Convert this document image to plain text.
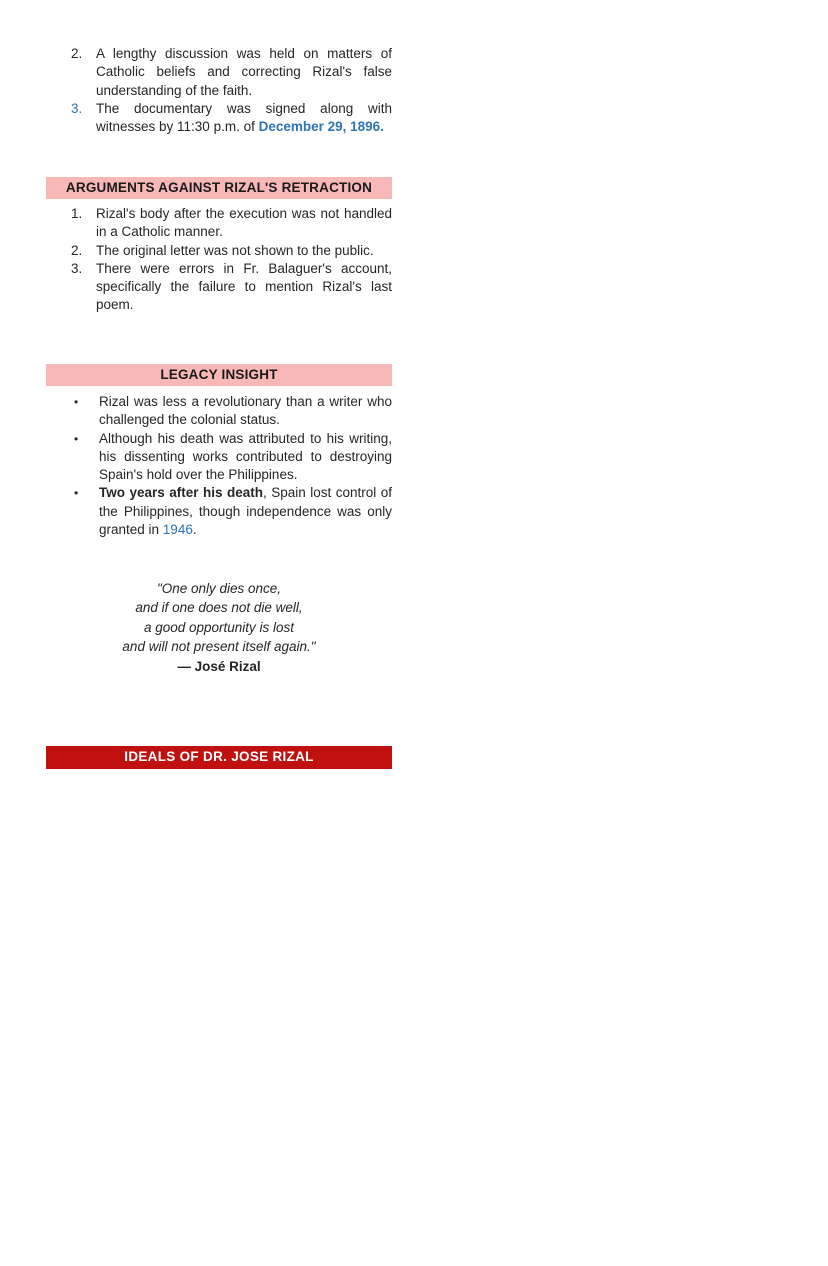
2.	A lengthy discussion was held on matters of Catholic beliefs and correcting Rizal's false understanding of the faith.
3.	The documentary was signed along with witnesses by 11:30 p.m. of December 29, 1896.
ARGUMENTS AGAINST RIZAL'S RETRACTION
1.	Rizal's body after the execution was not handled in a Catholic manner.
2.	The original letter was not shown to the public.
3.	There were errors in Fr. Balaguer's account, specifically the failure to mention Rizal's last poem.
LEGACY INSIGHT
•	Rizal was less a revolutionary than a writer who challenged the colonial status.
•	Although his death was attributed to his writing, his dissenting works contributed to destroying Spain's hold over the Philippines.
•	Two years after his death, Spain lost control of the Philippines, though independence was only granted in 1946.
"One only dies once,
and if one does not die well,
a good opportunity is lost
and will not present itself again."
— José Rizal
IDEALS OF DR. JOSE RIZAL
